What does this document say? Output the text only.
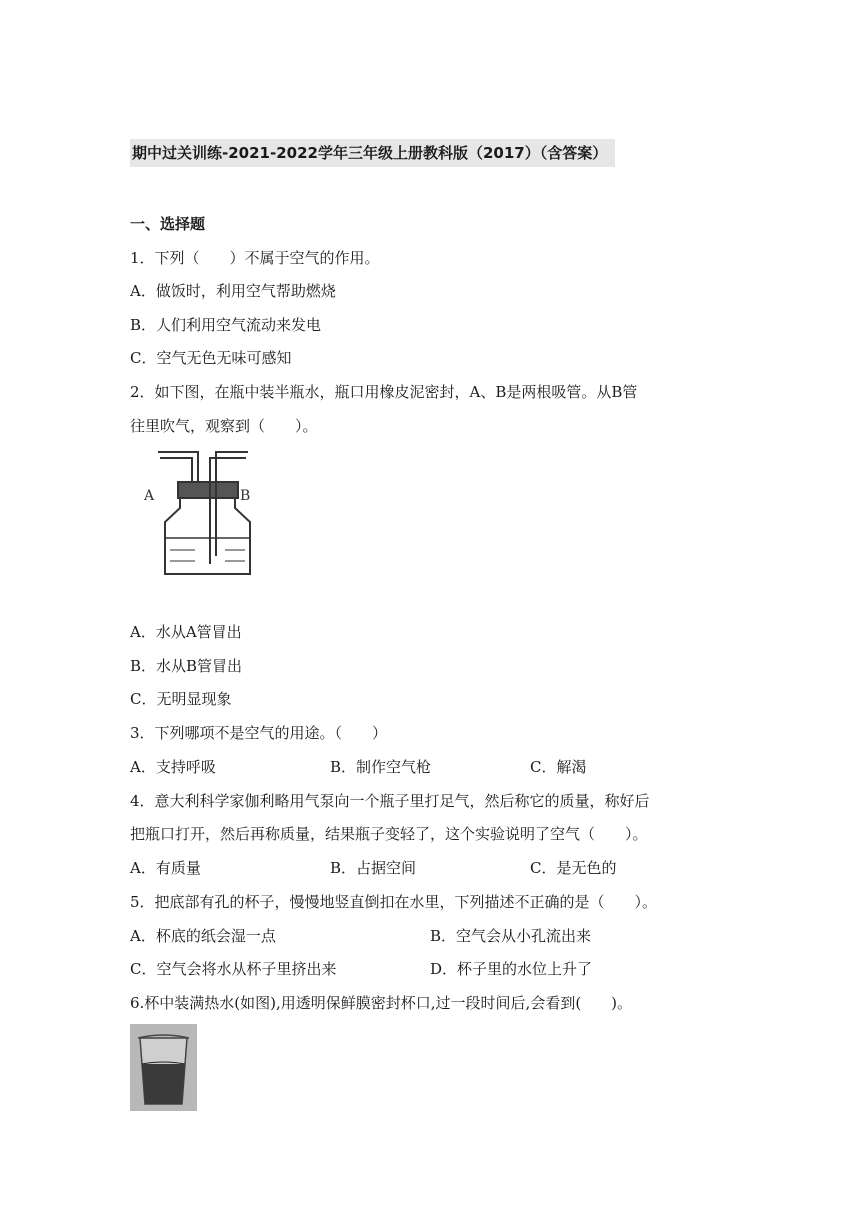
期中过关训练-2021-2022学年三年级上册教科版（2017）（含答案）
一、选择题
1．下列（　　）不属于空气的作用。
A．做饭时，利用空气帮助燃烧
B．人们利用空气流动来发电
C．空气无色无味可感知
2．如下图，在瓶中装半瓶水，瓶口用橡皮泥密封，A、B是两根吸管。从B管
往里吹气，观察到（　　）。
A	B
A．水从A管冒出
B．水从B管冒出
C．无明显现象
3．下列哪项不是空气的用途。（　　）
A．支持呼吸	B．制作空气枪	C．解渴
4．意大利科学家伽利略用气泵向一个瓶子里打足气，然后称它的质量，称好后
把瓶口打开，然后再称质量，结果瓶子变轻了，这个实验说明了空气（　　）。
A．有质量	B．占据空间	C．是无色的
5．把底部有孔的杯子，慢慢地竖直倒扣在水里，下列描述不正确的是（　　）。
A．杯底的纸会湿一点	B．空气会从小孔流出来
C．空气会将水从杯子里挤出来	D．杯子里的水位上升了
6.杯中装满热水(如图),用透明保鲜膜密封杯口,过一段时间后,会看到(　　)。
